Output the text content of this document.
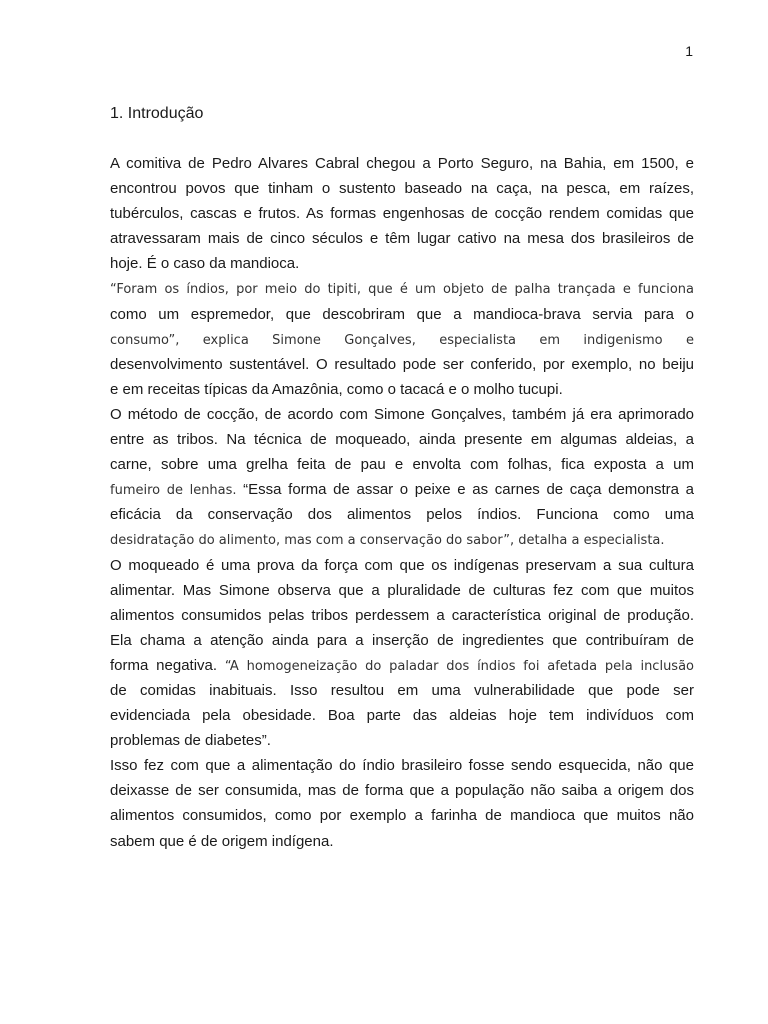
1
1. Introdução
A comitiva de Pedro Alvares Cabral chegou a Porto Seguro, na Bahia, em 1500, e
encontrou povos que tinham o sustento baseado na caça, na pesca, em raízes,
tubérculos, cascas e frutos. As formas engenhosas de cocção rendem comidas que
atravessaram mais de cinco séculos e têm lugar cativo na mesa dos brasileiros de
hoje. É o caso da mandioca.
“Foram os índios, por meio do tipiti, que é um objeto de palha trançada e funciona
como um espremedor, que descobriram que a mandioca-brava servia para o
consumo”, explica Simone Gonçalves, especialista em indigenismo e
desenvolvimento sustentável. O resultado pode ser conferido, por exemplo, no beiju
e em receitas típicas da Amazônia, como o tacacá e o molho tucupi.
O método de cocção, de acordo com Simone Gonçalves, também já era aprimorado
entre as tribos. Na técnica de moqueado, ainda presente em algumas aldeias, a
carne, sobre uma grelha feita de pau e envolta com folhas, fica exposta a um
fumeiro de lenhas. “Essa forma de assar o peixe e as carnes de caça demonstra a
eficácia da conservação dos alimentos pelos índios. Funciona como uma
desidratação do alimento, mas com a conservação do sabor”, detalha a especialista.
O moqueado é uma prova da força com que os indígenas preservam a sua cultura
alimentar. Mas Simone observa que a pluralidade de culturas fez com que muitos
alimentos consumidos pelas tribos perdessem a característica original de produção.
Ela chama a atenção ainda para a inserção de ingredientes que contribuíram de
forma negativa. “A homogeneização do paladar dos índios foi afetada pela inclusão
de comidas inabituais. Isso resultou em uma vulnerabilidade que pode ser
evidenciada pela obesidade. Boa parte das aldeias hoje tem indivíduos com
problemas de diabetes”.
Isso fez com que a alimentação do índio brasileiro fosse sendo esquecida, não que
deixasse de ser consumida, mas de forma que a população não saiba a origem dos
alimentos consumidos, como por exemplo a farinha de mandioca que muitos não
sabem que é de origem indígena.
